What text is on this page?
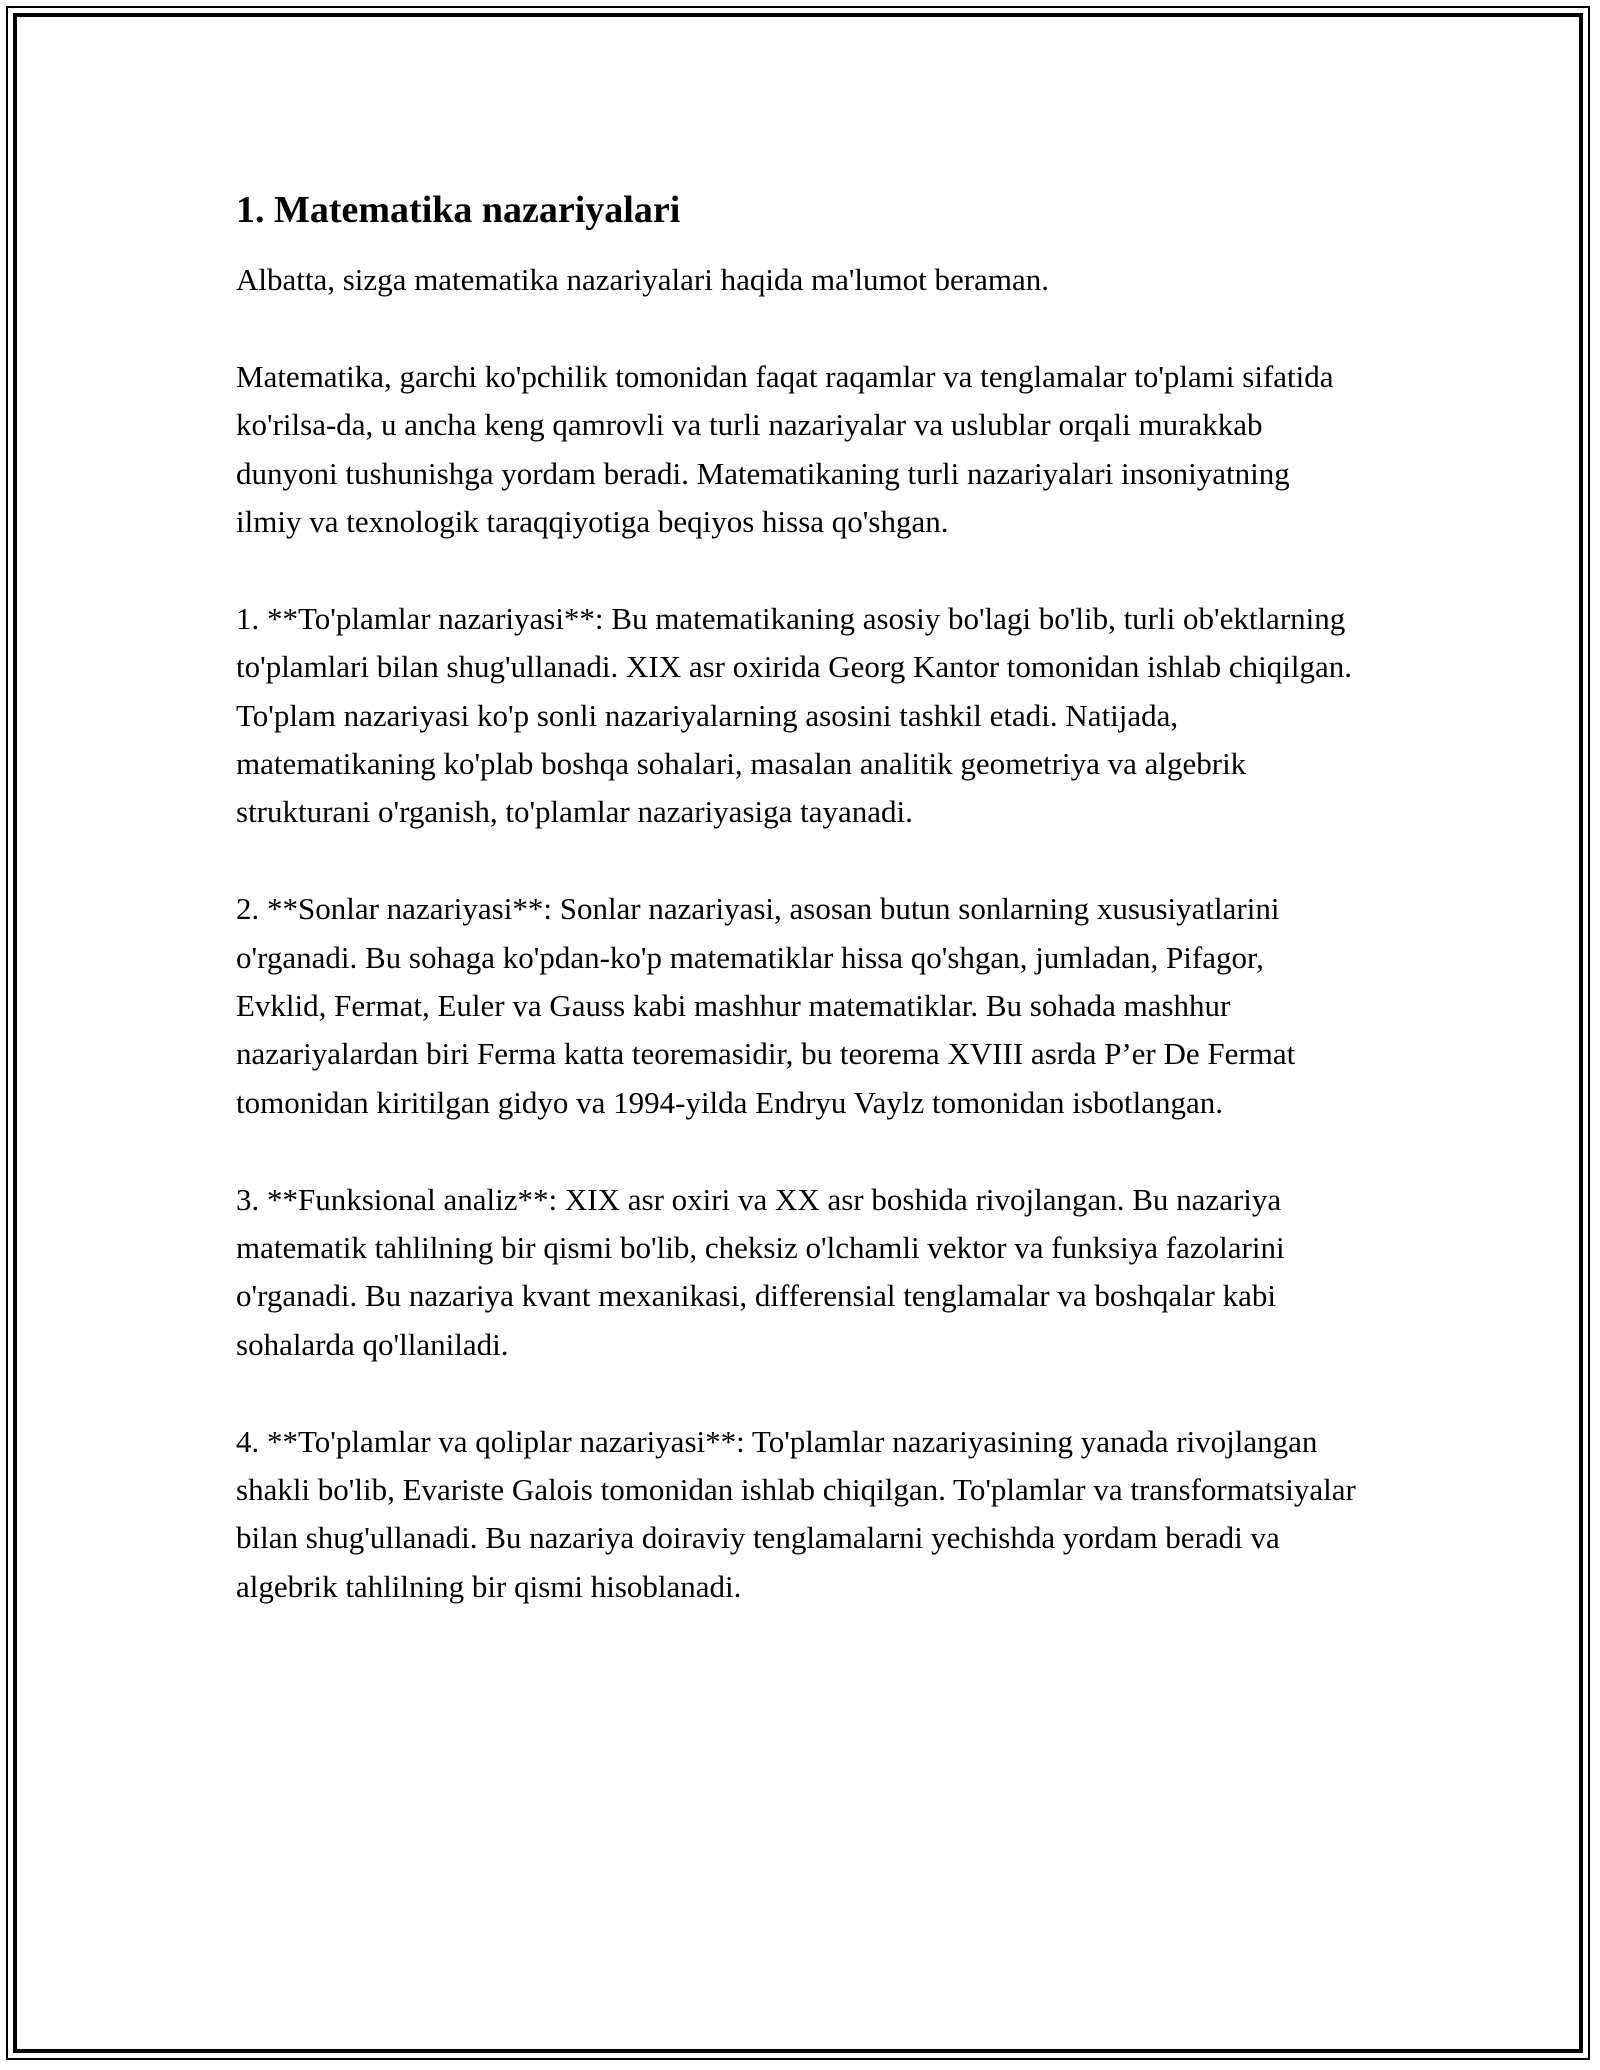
1. Matematika nazariyalari

Albatta, sizga matematika nazariyalari haqida ma'lumot beraman.

Matematika, garchi ko'pchilik tomonidan faqat raqamlar va tenglamalar to'plami sifatida ko'rilsa-da, u ancha keng qamrovli va turli nazariyalar va uslublar orqali murakkab dunyoni tushunishga yordam beradi. Matematikaning turli nazariyalari insoniyatning ilmiy va texnologik taraqqiyotiga beqiyos hissa qo'shgan.

1. **To'plamlar nazariyasi**: Bu matematikaning asosiy bo'lagi bo'lib, turli ob'ektlarning to'plamlari bilan shug'ullanadi. XIX asr oxirida Georg Kantor tomonidan ishlab chiqilgan. To'plam nazariyasi ko'p sonli nazariyalarning asosini tashkil etadi. Natijada, matematikaning ko'plab boshqa sohalari, masalan analitik geometriya va algebrik strukturani o'rganish, to'plamlar nazariyasiga tayanadi.

2. **Sonlar nazariyasi**: Sonlar nazariyasi, asosan butun sonlarning xususiyatlarini o'rganadi. Bu sohaga ko'pdan-ko'p matematiklar hissa qo'shgan, jumladan, Pifagor, Evklid, Fermat, Euler va Gauss kabi mashhur matematiklar. Bu sohada mashhur nazariyalardan biri Ferma katta teoremasidir, bu teorema XVIII asrda P’er De Fermat tomonidan kiritilgan gidyo va 1994-yilda Endryu Vaylz tomonidan isbotlangan.

3. **Funksional analiz**: XIX asr oxiri va XX asr boshida rivojlangan. Bu nazariya matematik tahlilning bir qismi bo'lib, cheksiz o'lchamli vektor va funksiya fazolarini o'rganadi. Bu nazariya kvant mexanikasi, differensial tenglamalar va boshqalar kabi sohalarda qo'llaniladi.

4. **To'plamlar va qoliplar nazariyasi**: To'plamlar nazariyasining yanada rivojlangan shakli bo'lib, Evariste Galois tomonidan ishlab chiqilgan. To'plamlar va transformatsiyalar bilan shug'ullanadi. Bu nazariya doiraviy tenglamalarni yechishda yordam beradi va algebrik tahlilning bir qismi hisoblanadi.
